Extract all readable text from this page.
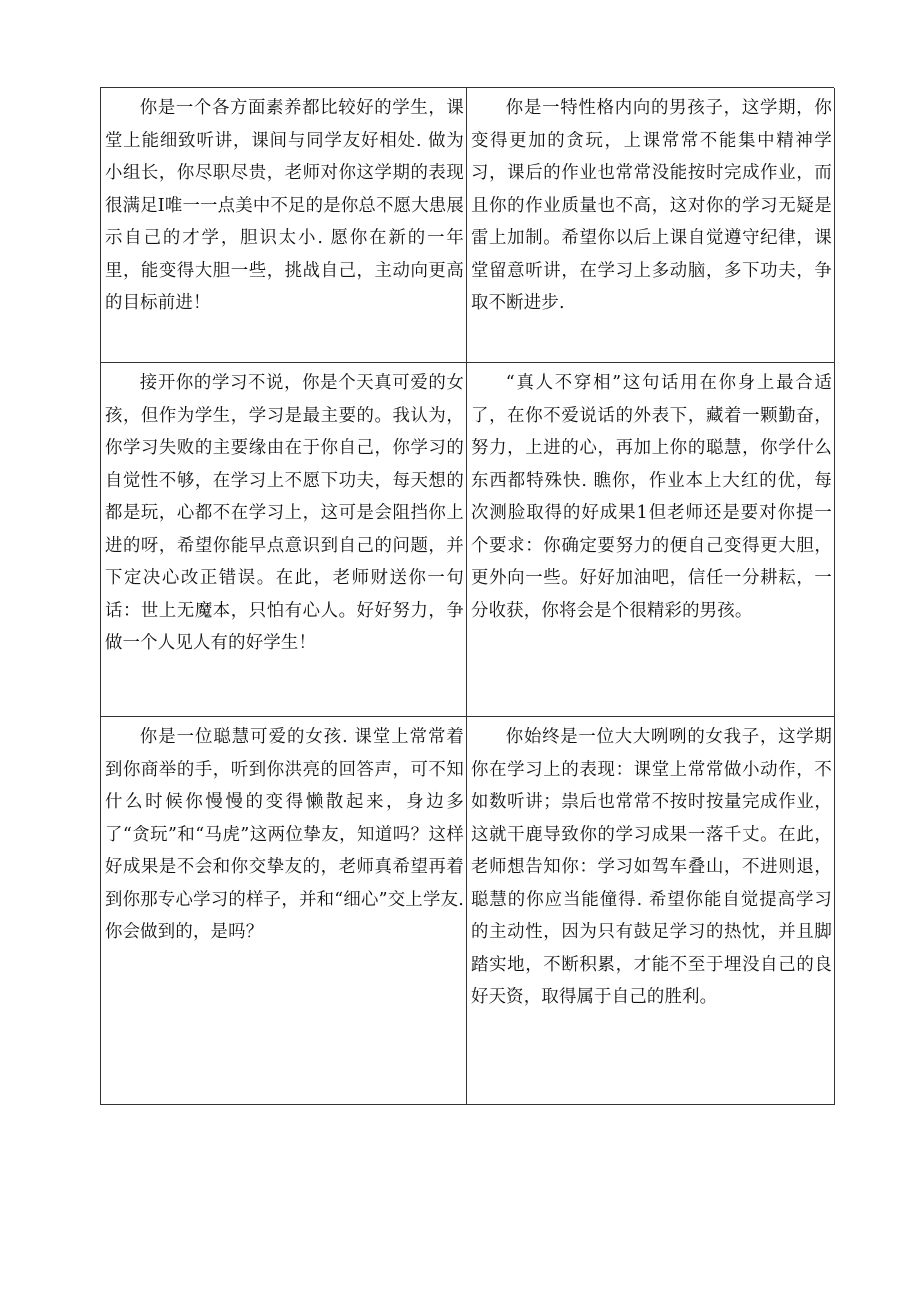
你是一个各方面素养都比较好的学生，课堂上能细致听讲，课间与同学友好相处. 做为小组长，你尽职尽贵，老师对你这学期的表现很满足I唯一一点美中不足的是你总不愿大患展示自己的才学，胆识太小. 愿你在新的一年里，能变得大胆一些，挑战自己，主动向更高的目标前进！

你是一特性格内向的男孩子，这学期，你变得更加的贪玩，上课常常不能集中精神学习，课后的作业也常常没能按时完成作业，而且你的作业质量也不高，这对你的学习无疑是雷上加制。希望你以后上课自觉遵守纪律，课堂留意听讲，在学习上多动脑，多下功夫，争取不断进步.

接开你的学习不说，你是个天真可爱的女孩，但作为学生，学习是最主要的。我认为，你学习失败的主要缘由在于你自己，你学习的自觉性不够，在学习上不愿下功夫，每天想的都是玩，心都不在学习上，这可是会阻挡你上进的呀，希望你能早点意识到自己的问题，并下定决心改正错误。在此，老师财送你一句话：世上无魔本，只怕有心人。好好努力，争做一个人见人有的好学生！

“真人不穿相”这句话用在你身上最合适了，在你不爱说话的外表下，藏着一颗勤奋，努力，上进的心，再加上你的聪慧，你学什么东西都特殊快. 瞧你，作业本上大红的优，每次测脸取得的好成果1但老师还是要对你提一个要求：你确定要努力的便自己变得更大胆，更外向一些。好好加油吧，信任一分耕耘，一分收获，你将会是个很精彩的男孩。

你是一位聪慧可爱的女孩. 课堂上常常着到你商举的手，听到你洪亮的回答声，可不知什么时候你慢慢的变得懒散起来，身边多了“贪玩”和“马虎”这两位挚友，知道吗？这样好成果是不会和你交挚友的，老师真希望再着到你那专心学习的样子，并和“细心”交上学友. 你会做到的，是吗？

你始终是一位大大咧咧的女我子，这学期你在学习上的表现：课堂上常常做小动作，不如数听讲；祟后也常常不按时按量完成作业，这就干鹿导致你的学习成果一落千丈。在此，老师想告知你：学习如驾车叠山，不进则退，聪慧的你应当能僮得. 希望你能自觉提高学习的主动性，因为只有鼓足学习的热忱，并且脚踏实地，不断积累，才能不至于埋没自己的良好天资，取得属于自己的胜利。
